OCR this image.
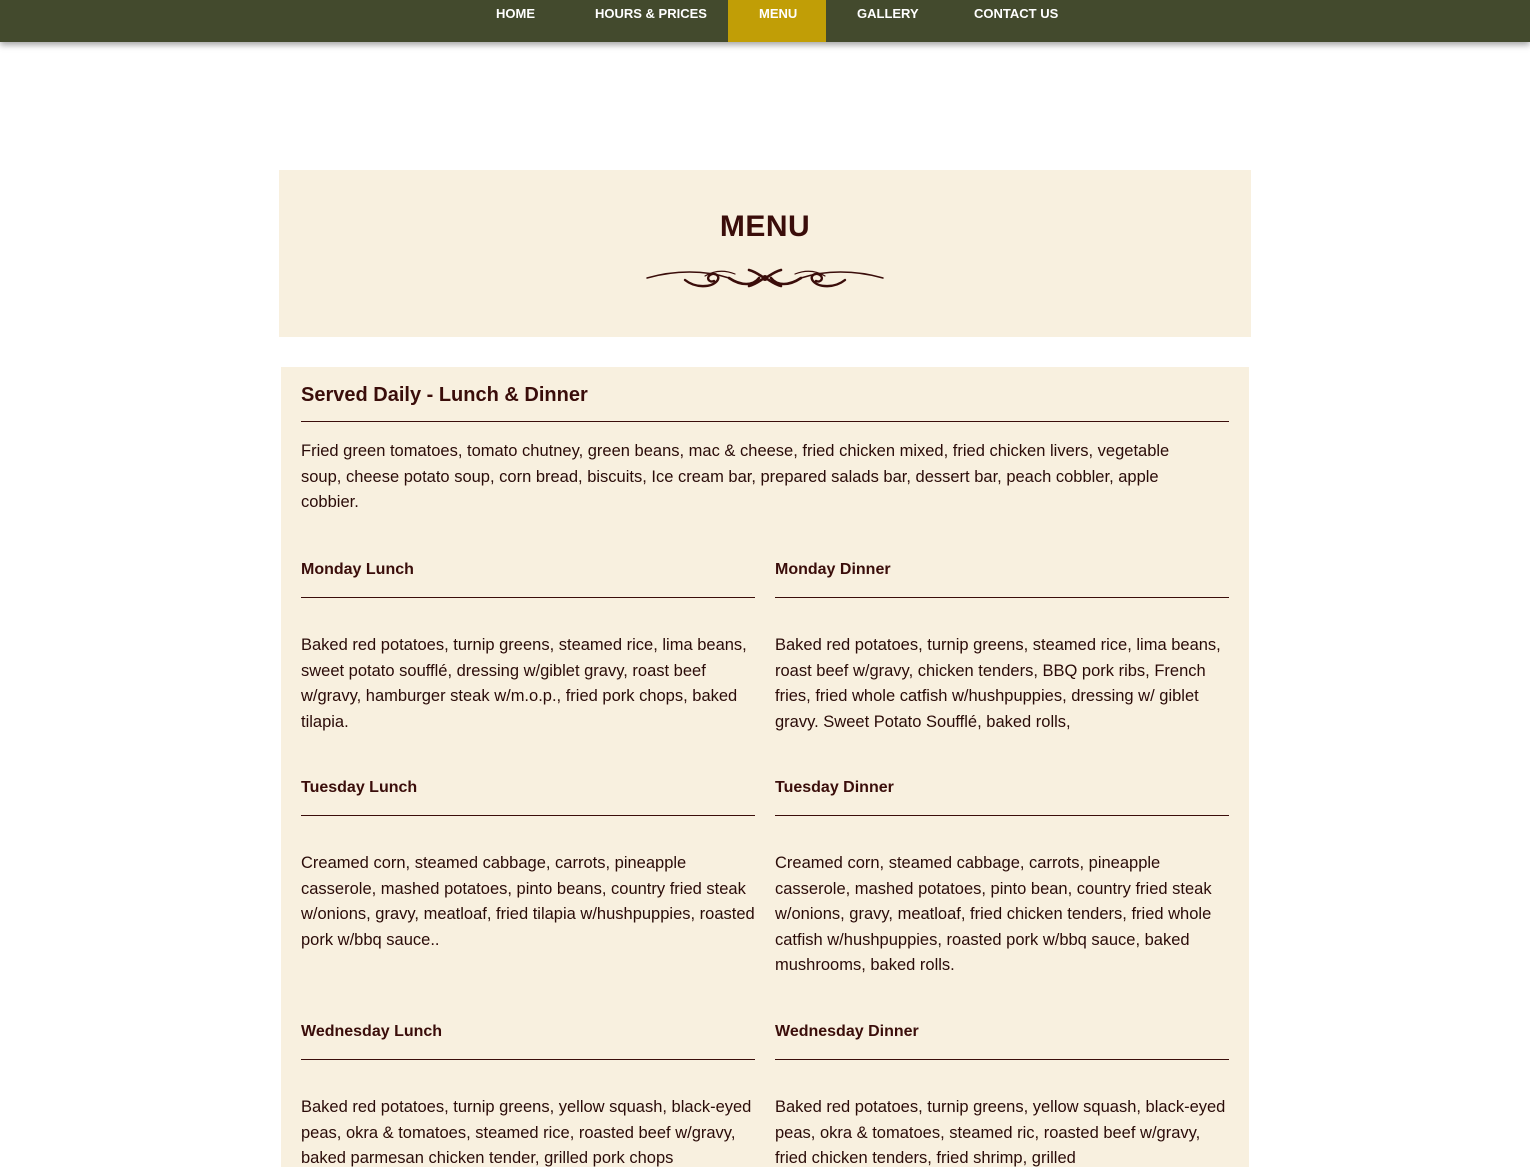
HOME	HOURS & PRICES	MENU	GALLERY	CONTACT US
MENU
Served Daily - Lunch & Dinner
Fried green tomatoes, tomato chutney, green beans, mac & cheese, fried chicken mixed, fried chicken livers, vegetable soup, cheese potato soup, corn bread, biscuits, Ice cream bar, prepared salads bar, dessert bar, peach cobbler, apple cobbier.
Monday Lunch
Baked red potatoes, turnip greens, steamed rice, lima beans, sweet potato soufflé, dressing w/giblet gravy, roast beef w/gravy, hamburger steak w/m.o.p., fried pork chops, baked tilapia.
Monday Dinner
Baked red potatoes, turnip greens, steamed rice, lima beans, roast beef w/gravy, chicken tenders, BBQ pork ribs, French fries, fried whole catfish w/hushpuppies, dressing w/ giblet gravy. Sweet Potato Soufflé, baked rolls,
Tuesday Lunch
Creamed corn, steamed cabbage, carrots, pineapple casserole, mashed potatoes, pinto beans, country fried steak w/onions, gravy, meatloaf, fried tilapia w/hushpuppies, roasted pork w/bbq sauce..
Tuesday Dinner
Creamed corn, steamed cabbage, carrots, pineapple casserole, mashed potatoes, pinto bean, country fried steak w/onions, gravy, meatloaf, fried chicken tenders, fried whole catfish w/hushpuppies, roasted pork w/bbq sauce, baked mushrooms, baked rolls.
Wednesday Lunch
Baked red potatoes, turnip greens, yellow squash, black-eyed peas, okra & tomatoes, steamed rice, roasted beef w/gravy, baked parmesan chicken tender, grilled pork chops
Wednesday Dinner
Baked red potatoes, turnip greens, yellow squash, black-eyed peas, okra & tomatoes, steamed ric, roasted beef w/gravy, fried chicken tenders, fried shrimp, grilled
